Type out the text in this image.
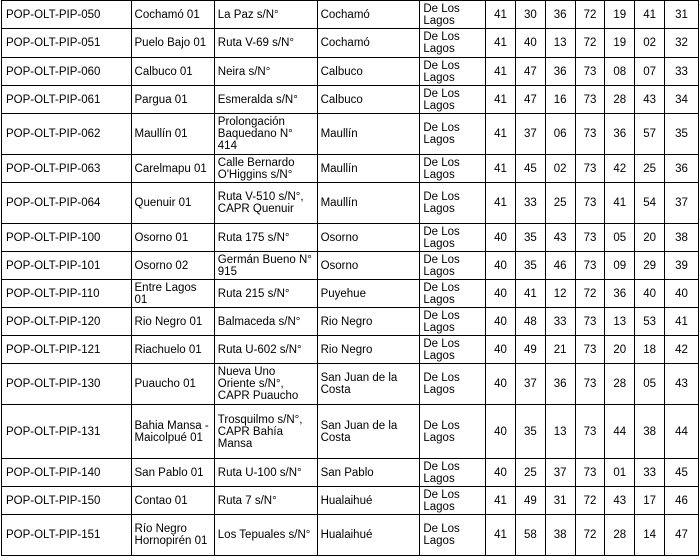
POP-OLT-PIP-050	Cochamó 01	La Paz s/N°	Cochamó	De Los Lagos	41	30	36	72	19	41	31
POP-OLT-PIP-051	Puelo Bajo 01	Ruta V-69 s/N°	Cochamó	De Los Lagos	41	40	13	72	19	02	32
POP-OLT-PIP-060	Calbuco 01	Neira s/N°	Calbuco	De Los Lagos	41	47	36	73	08	07	33
POP-OLT-PIP-061	Pargua 01	Esmeralda s/N°	Calbuco	De Los Lagos	41	47	16	73	28	43	34
POP-OLT-PIP-062	Maullín 01	Prolongación Baquedano N° 414	Maullín	De Los Lagos	41	37	06	73	36	57	35
POP-OLT-PIP-063	Carelmapu 01	Calle Bernardo O'Higgins s/N°	Maullín	De Los Lagos	41	45	02	73	42	25	36
POP-OLT-PIP-064	Quenuir 01	Ruta V-510 s/N°, CAPR Quenuir	Maullín	De Los Lagos	41	33	25	73	41	54	37
POP-OLT-PIP-100	Osorno 01	Ruta 175 s/N°	Osorno	De Los Lagos	40	35	43	73	05	20	38
POP-OLT-PIP-101	Osorno 02	Germán Bueno N° 915	Osorno	De Los Lagos	40	35	46	73	09	29	39
POP-OLT-PIP-110	Entre Lagos 01	Ruta 215 s/N°	Puyehue	De Los Lagos	40	41	12	72	36	40	40
POP-OLT-PIP-120	Rio Negro 01	Balmaceda s/N°	Rio Negro	De Los Lagos	40	48	33	73	13	53	41
POP-OLT-PIP-121	Riachuelo 01	Ruta U-602 s/N°	Rio Negro	De Los Lagos	40	49	21	73	20	18	42
POP-OLT-PIP-130	Puaucho 01	Nueva Uno Oriente s/N°, CAPR Puaucho	San Juan de la Costa	De Los Lagos	40	37	36	73	28	05	43
POP-OLT-PIP-131	Bahia Mansa - Maicolpué 01	Trosquilmo s/N°, CAPR Bahía Mansa	San Juan de la Costa	De Los Lagos	40	35	13	73	44	38	44
POP-OLT-PIP-140	San Pablo 01	Ruta U-100 s/N°	San Pablo	De Los Lagos	40	25	37	73	01	33	45
POP-OLT-PIP-150	Contao 01	Ruta 7 s/N°	Hualaihué	De Los Lagos	41	49	31	72	43	17	46
POP-OLT-PIP-151	Río Negro Hornopirén 01	Los Tepuales s/N°	Hualaihué	De Los Lagos	41	58	38	72	28	14	47
